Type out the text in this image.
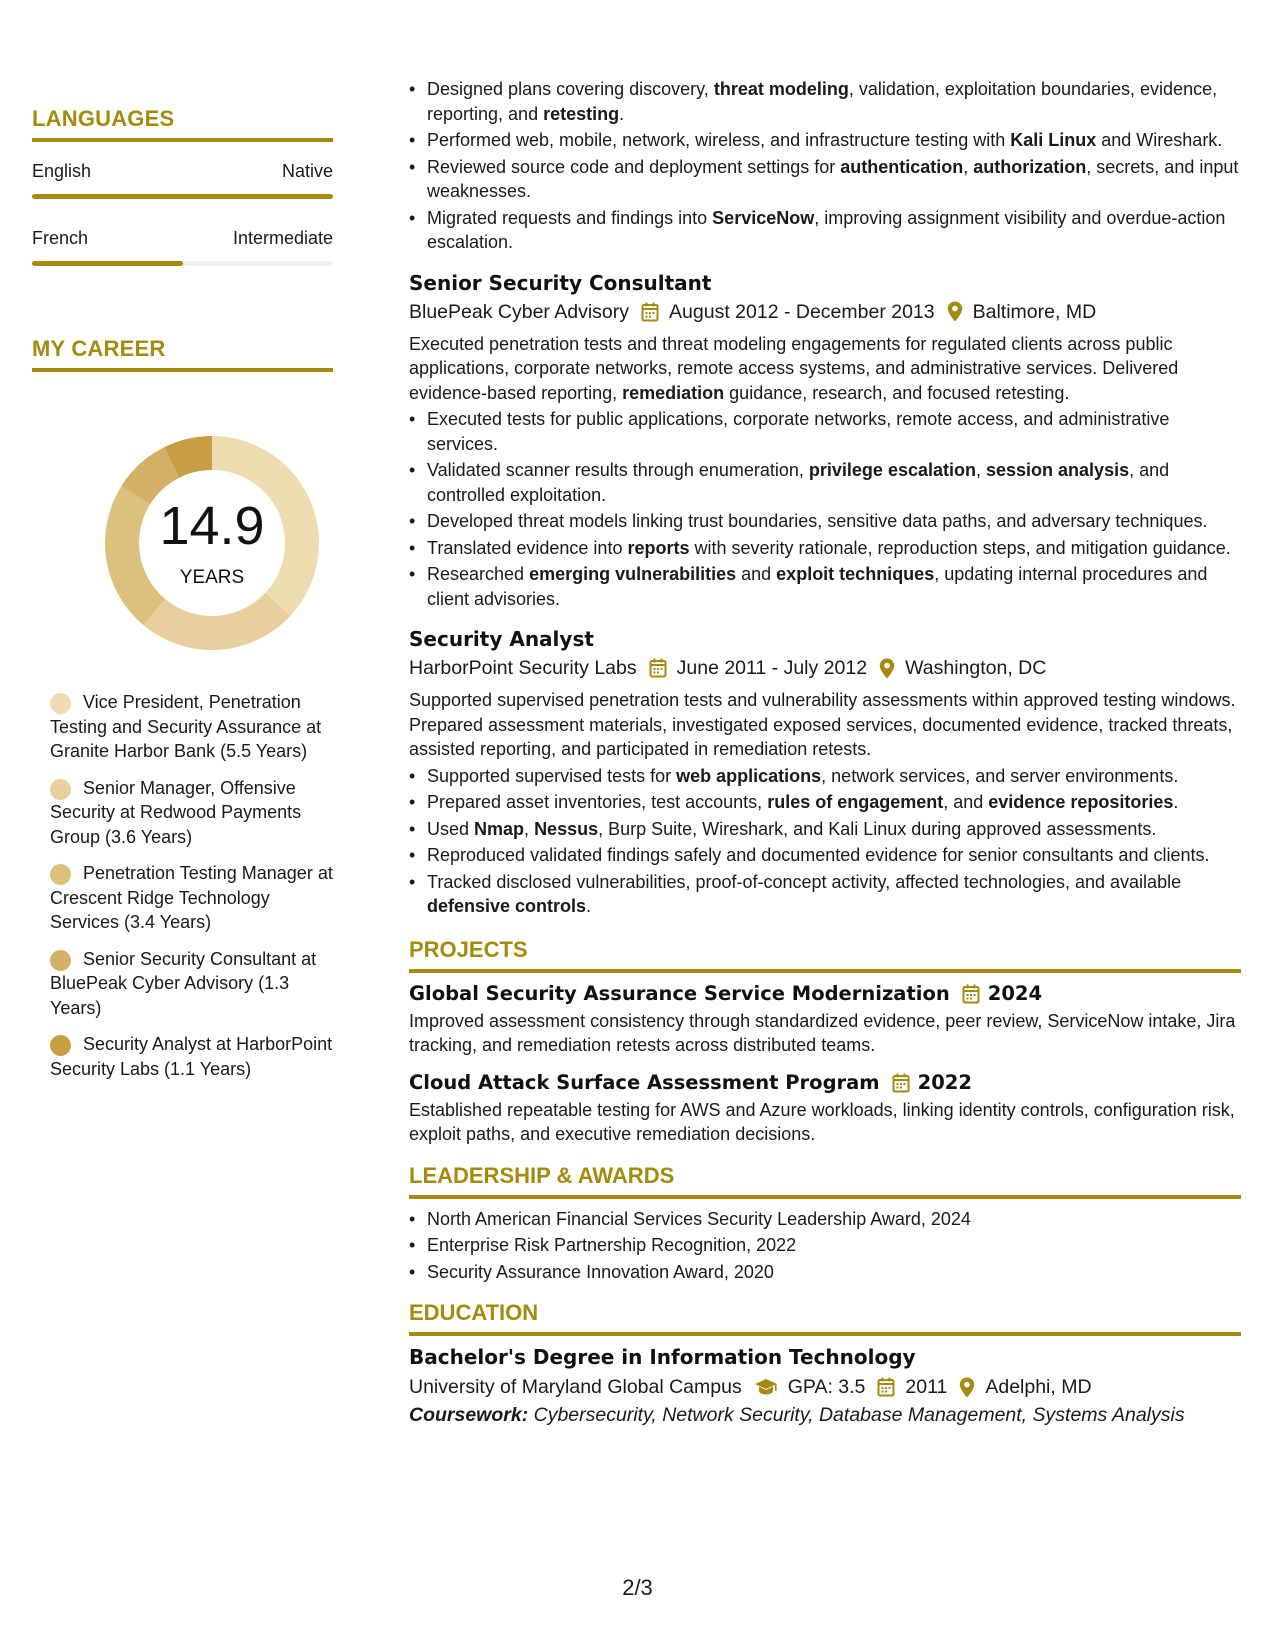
LANGUAGES
English	Native
French	Intermediate
MY CAREER
14.9
YEARS
Vice President, Penetration Testing and Security Assurance at Granite Harbor Bank (5.5 Years)
Senior Manager, Offensive Security at Redwood Payments Group (3.6 Years)
Penetration Testing Manager at Crescent Ridge Technology Services (3.4 Years)
Senior Security Consultant at BluePeak Cyber Advisory (1.3 Years)
Security Analyst at HarborPoint Security Labs (1.1 Years)
• Designed plans covering discovery, threat modeling, validation, exploitation boundaries, evidence, reporting, and retesting.
• Performed web, mobile, network, wireless, and infrastructure testing with Kali Linux and Wireshark.
• Reviewed source code and deployment settings for authentication, authorization, secrets, and input weaknesses.
• Migrated requests and findings into ServiceNow, improving assignment visibility and overdue-action escalation.
Senior Security Consultant
BluePeak Cyber Advisory August 2012 - December 2013 Baltimore, MD
Executed penetration tests and threat modeling engagements for regulated clients across public applications, corporate networks, remote access systems, and administrative services. Delivered evidence-based reporting, remediation guidance, research, and focused retesting.
• Executed tests for public applications, corporate networks, remote access, and administrative services.
• Validated scanner results through enumeration, privilege escalation, session analysis, and controlled exploitation.
• Developed threat models linking trust boundaries, sensitive data paths, and adversary techniques.
• Translated evidence into reports with severity rationale, reproduction steps, and mitigation guidance.
• Researched emerging vulnerabilities and exploit techniques, updating internal procedures and client advisories.
Security Analyst
HarborPoint Security Labs June 2011 - July 2012 Washington, DC
Supported supervised penetration tests and vulnerability assessments within approved testing windows. Prepared assessment materials, investigated exposed services, documented evidence, tracked threats, assisted reporting, and participated in remediation retests.
• Supported supervised tests for web applications, network services, and server environments.
• Prepared asset inventories, test accounts, rules of engagement, and evidence repositories.
• Used Nmap, Nessus, Burp Suite, Wireshark, and Kali Linux during approved assessments.
• Reproduced validated findings safely and documented evidence for senior consultants and clients.
• Tracked disclosed vulnerabilities, proof-of-concept activity, affected technologies, and available defensive controls.
PROJECTS
Global Security Assurance Service Modernization 2024
Improved assessment consistency through standardized evidence, peer review, ServiceNow intake, Jira tracking, and remediation retests across distributed teams.
Cloud Attack Surface Assessment Program 2022
Established repeatable testing for AWS and Azure workloads, linking identity controls, configuration risk, exploit paths, and executive remediation decisions.
LEADERSHIP & AWARDS
• North American Financial Services Security Leadership Award, 2024
• Enterprise Risk Partnership Recognition, 2022
• Security Assurance Innovation Award, 2020
EDUCATION
Bachelor's Degree in Information Technology
University of Maryland Global Campus GPA: 3.5 2011 Adelphi, MD
Coursework: Cybersecurity, Network Security, Database Management, Systems Analysis
2/3
